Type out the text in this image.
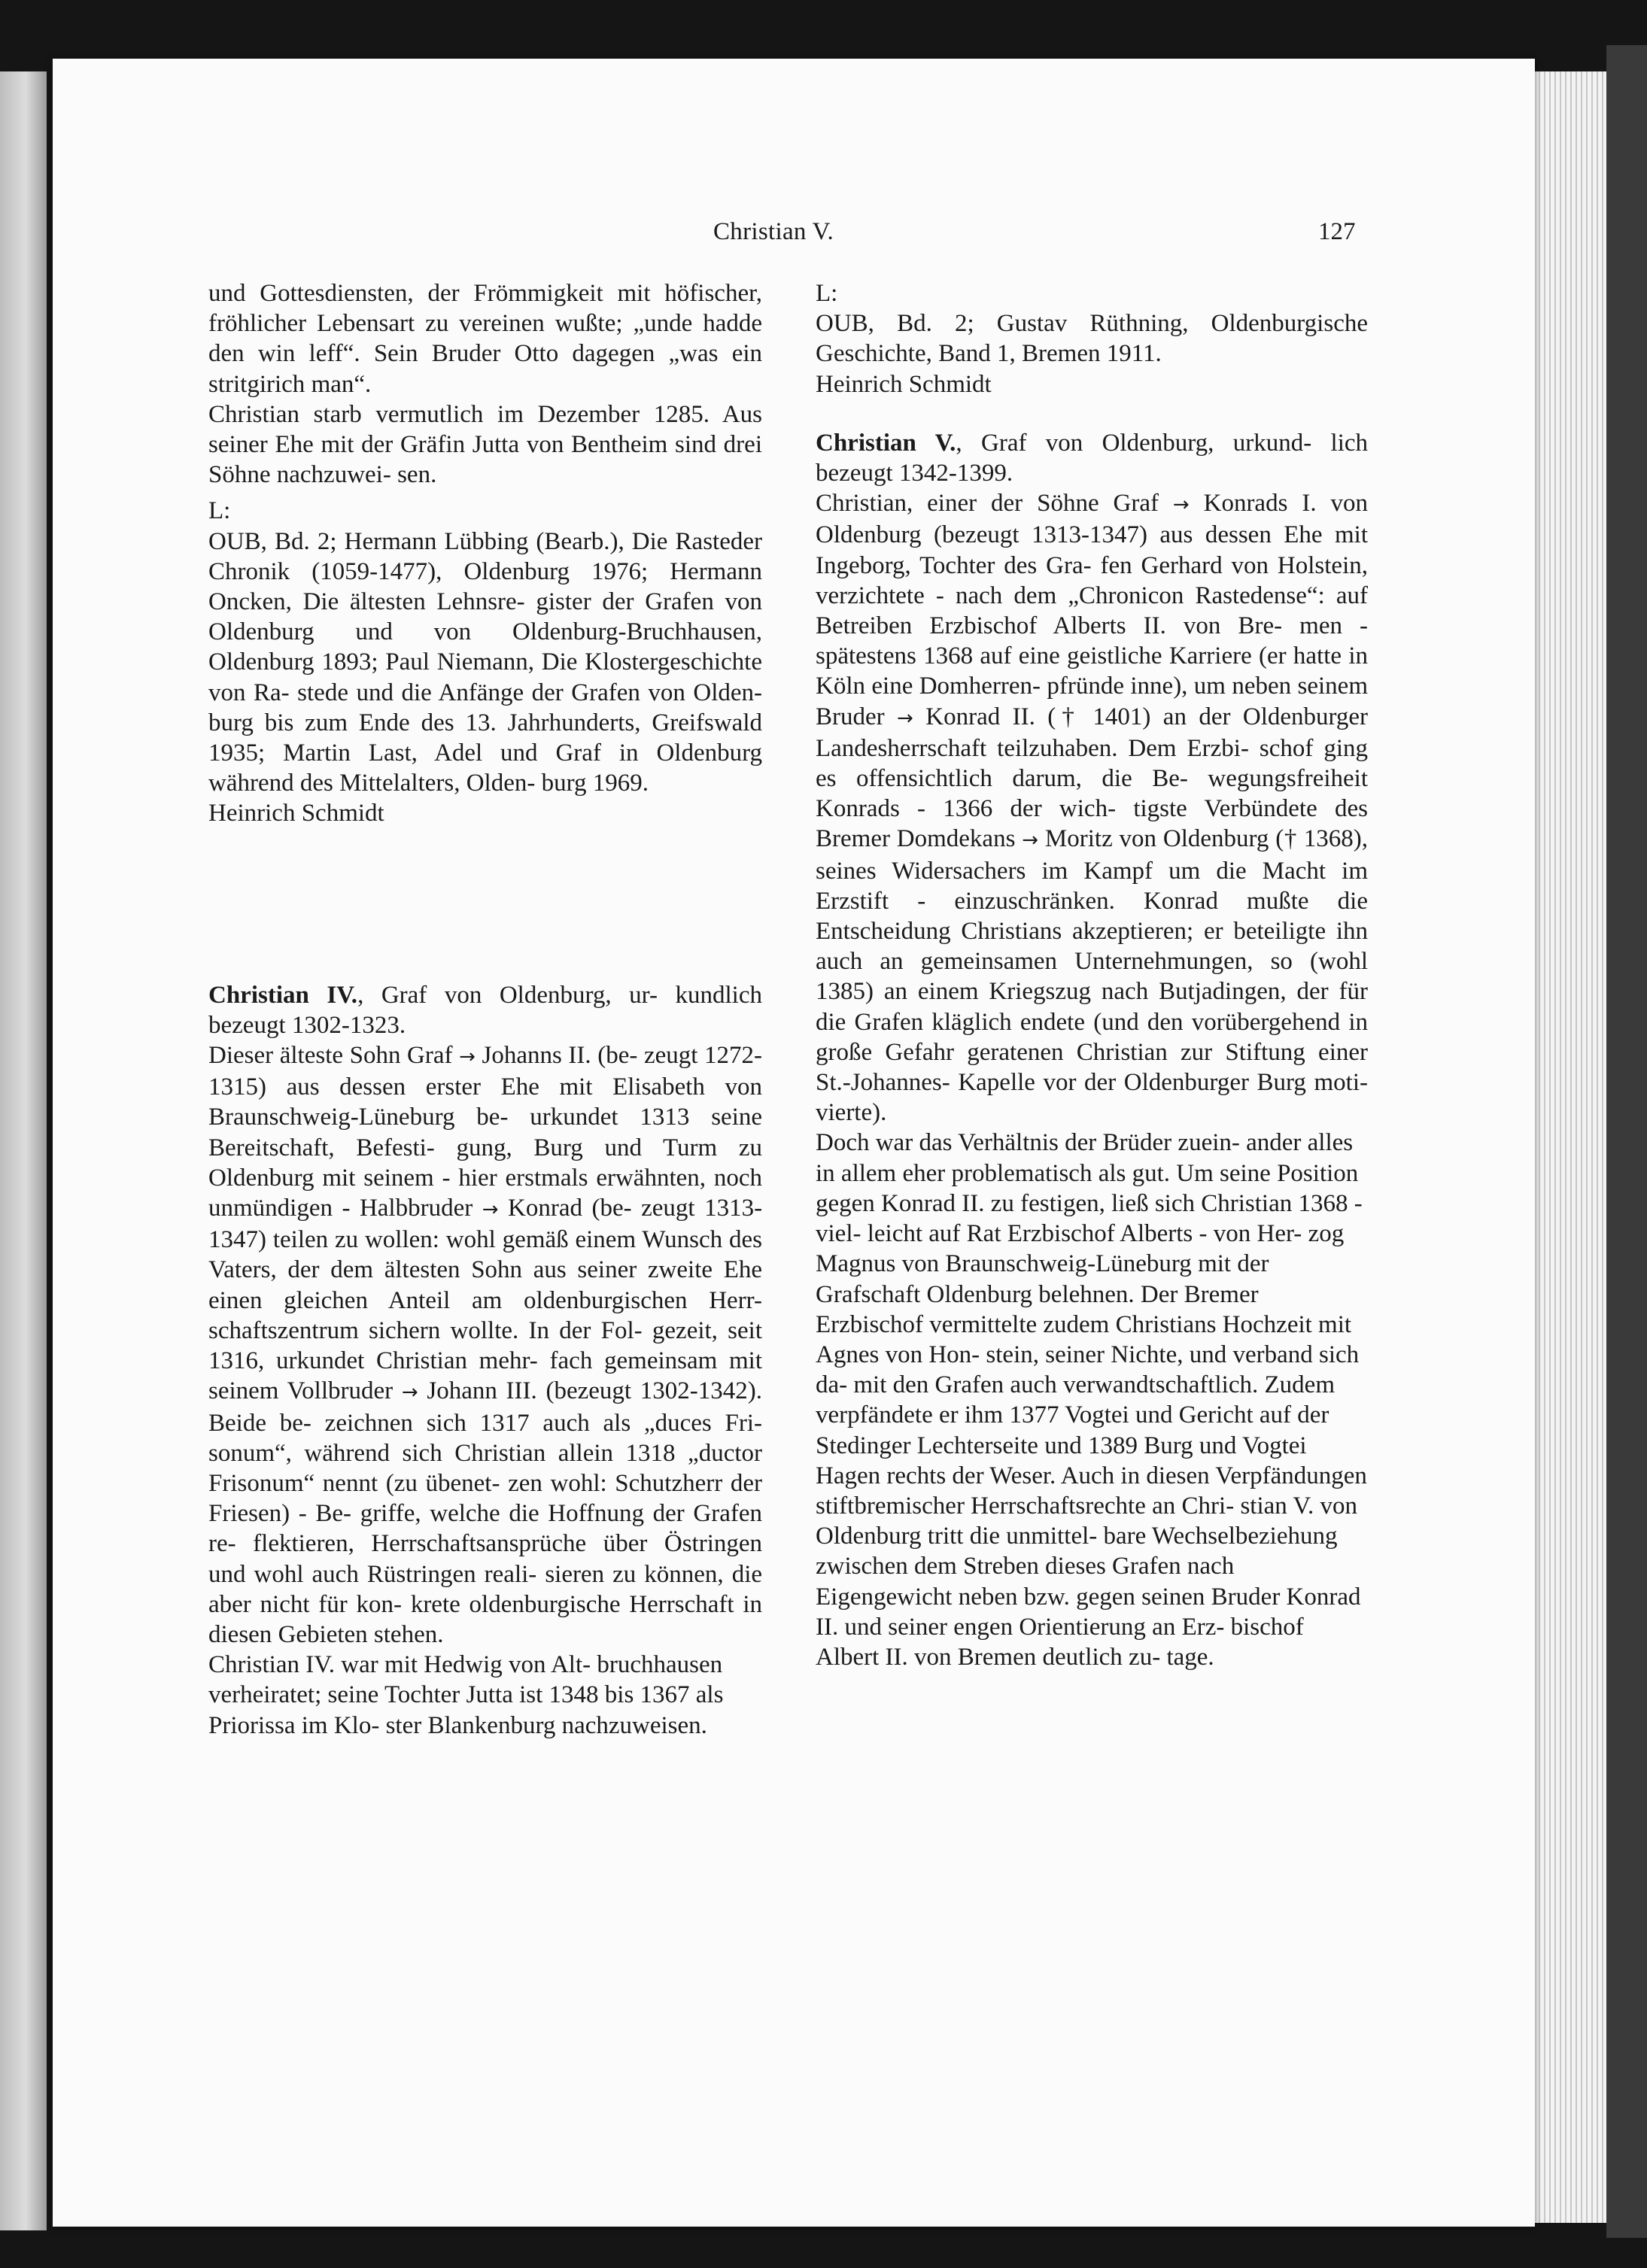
Christian V.	127

und Gottesdiensten, der Frömmigkeit mit höfischer, fröhlicher Lebensart zu vereinen wußte; „unde hadde den win leff“. Sein Bruder Otto dagegen „was ein stritgirich man“.

Christian starb vermutlich im Dezember 1285. Aus seiner Ehe mit der Gräfin Jutta von Bentheim sind drei Söhne nachzuwei- sen.

L:

OUB, Bd. 2; Hermann Lübbing (Bearb.), Die Rasteder Chronik (1059-1477), Oldenburg 1976; Hermann Oncken, Die ältesten Lehnsre- gister der Grafen von Oldenburg und von Oldenburg-Bruchhausen, Oldenburg 1893; Paul Niemann, Die Klostergeschichte von Ra- stede und die Anfänge der Grafen von Olden- burg bis zum Ende des 13. Jahrhunderts, Greifswald 1935; Martin Last, Adel und Graf in Oldenburg während des Mittelalters, Olden- burg 1969.

Heinrich Schmidt

Christian IV., Graf von Oldenburg, ur- kundlich bezeugt 1302-1323.

Dieser älteste Sohn Graf → Johanns II. (be- zeugt 1272-1315) aus dessen erster Ehe mit Elisabeth von Braunschweig-Lüneburg be- urkundet 1313 seine Bereitschaft, Befesti- gung, Burg und Turm zu Oldenburg mit seinem - hier erstmals erwähnten, noch unmündigen - Halbbruder → Konrad (be- zeugt 1313-1347) teilen zu wollen: wohl gemäß einem Wunsch des Vaters, der dem ältesten Sohn aus seiner zweite Ehe einen gleichen Anteil am oldenburgischen Herr- schaftszentrum sichern wollte. In der Fol- gezeit, seit 1316, urkundet Christian mehr- fach gemeinsam mit seinem Vollbruder → Johann III. (bezeugt 1302-1342). Beide be- zeichnen sich 1317 auch als „duces Fri- sonum“, während sich Christian allein 1318 „ductor Frisonum“ nennt (zu übenet- zen wohl: Schutzherr der Friesen) - Be- griffe, welche die Hoffnung der Grafen re- flektieren, Herrschaftsansprüche über Östringen und wohl auch Rüstringen reali- sieren zu können, die aber nicht für kon- krete oldenburgische Herrschaft in diesen Gebieten stehen.

Christian IV. war mit Hedwig von Alt- bruchhausen verheiratet; seine Tochter Jutta ist 1348 bis 1367 als Priorissa im Klo- ster Blankenburg nachzuweisen.

L:

OUB, Bd. 2; Gustav Rüthning, Oldenburgische Geschichte, Band 1, Bremen 1911.

Heinrich Schmidt

Christian V., Graf von Oldenburg, urkund- lich bezeugt 1342-1399.

Christian, einer der Söhne Graf → Konrads I. von Oldenburg (bezeugt 1313-1347) aus dessen Ehe mit Ingeborg, Tochter des Gra- fen Gerhard von Holstein, verzichtete - nach dem „Chronicon Rastedense“: auf Betreiben Erzbischof Alberts II. von Bre- men - spätestens 1368 auf eine geistliche Karriere (er hatte in Köln eine Domherren- pfründe inne), um neben seinem Bruder → Konrad II. († 1401) an der Oldenburger Landesherrschaft teilzuhaben. Dem Erzbi- schof ging es offensichtlich darum, die Be- wegungsfreiheit Konrads - 1366 der wich- tigste Verbündete des Bremer Domdekans → Moritz von Oldenburg († 1368), seines Widersachers im Kampf um die Macht im Erzstift - einzuschränken. Konrad mußte die Entscheidung Christians akzeptieren; er beteiligte ihn auch an gemeinsamen Unternehmungen, so (wohl 1385) an einem Kriegszug nach Butjadingen, der für die Grafen kläglich endete (und den vorübergehend in große Gefahr geratenen Christian zur Stiftung einer St.-Johannes- Kapelle vor der Oldenburger Burg moti- vierte).

Doch war das Verhältnis der Brüder zuein- ander alles in allem eher problematisch als gut. Um seine Position gegen Konrad II. zu festigen, ließ sich Christian 1368 - viel- leicht auf Rat Erzbischof Alberts - von Her- zog Magnus von Braunschweig-Lüneburg mit der Grafschaft Oldenburg belehnen. Der Bremer Erzbischof vermittelte zudem Christians Hochzeit mit Agnes von Hon- stein, seiner Nichte, und verband sich da- mit den Grafen auch verwandtschaftlich. Zudem verpfändete er ihm 1377 Vogtei und Gericht auf der Stedinger Lechterseite und 1389 Burg und Vogtei Hagen rechts der Weser. Auch in diesen Verpfändungen stiftbremischer Herrschaftsrechte an Chri- stian V. von Oldenburg tritt die unmittel- bare Wechselbeziehung zwischen dem Streben dieses Grafen nach Eigengewicht neben bzw. gegen seinen Bruder Konrad II. und seiner engen Orientierung an Erz- bischof Albert II. von Bremen deutlich zu- tage.
